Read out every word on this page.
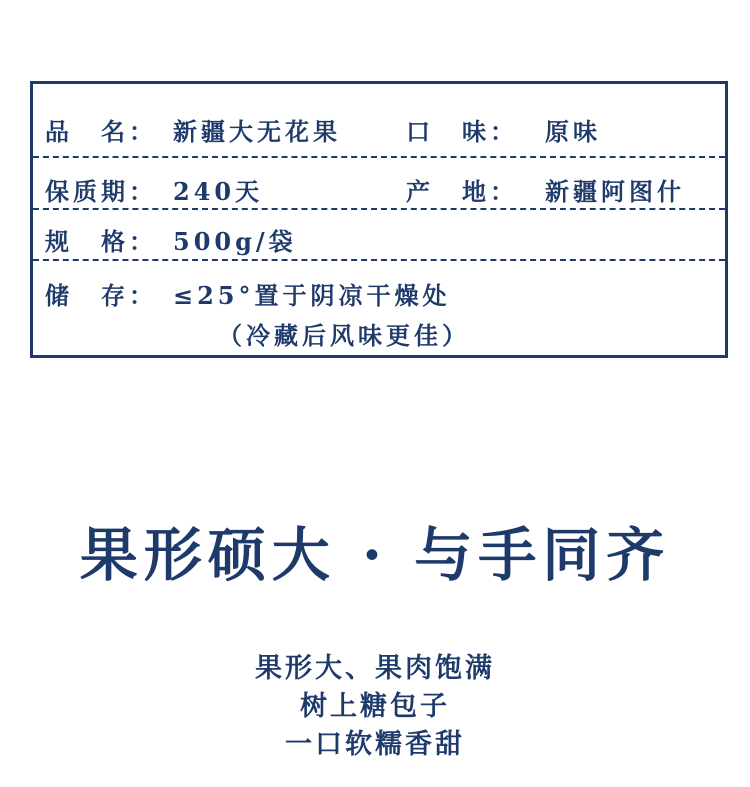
品　名： 新疆大无花果	口　味： 原味
保质期： 240天	产　地： 新疆阿图什
规　格： 500g/袋
储　存： ≤25°置于阴凉干燥处
（冷藏后风味更佳）
果形硕大 · 与手同齐
果形大、果肉饱满
树上糖包子
一口软糯香甜
